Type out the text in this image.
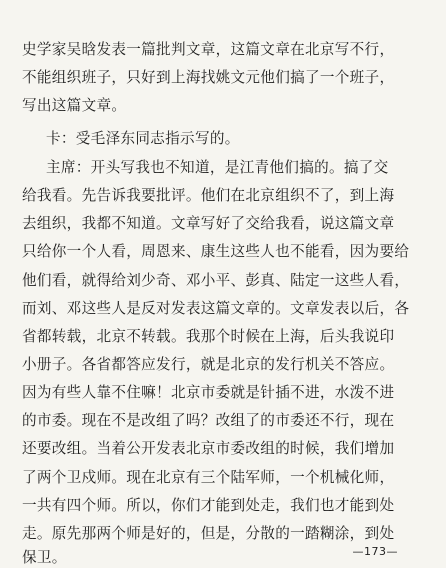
史学家吴晗发表一篇批判文章，这篇文章在北京写不行，
不能组织班子，只好到上海找姚文元他们搞了一个班子，
写出这篇文章。
卡：受毛泽东同志指示写的。
主席：开头写我也不知道，是江青他们搞的。搞了交
给我看。先告诉我要批评。他们在北京组织不了，到上海
去组织，我都不知道。文章写好了交给我看，说这篇文章
只给你一个人看，周恩来、康生这些人也不能看，因为要给
他们看，就得给刘少奇、邓小平、彭真、陆定一这些人看，
而刘、邓这些人是反对发表这篇文章的。文章发表以后，各
省都转载，北京不转载。我那个时候在上海，后头我说印
小册子。各省都答应发行，就是北京的发行机关不答应。
因为有些人靠不住嘛！北京市委就是针插不进，水泼不进
的市委。现在不是改组了吗？改组了的市委还不行，现在
还要改组。当着公开发表北京市委改组的时候，我们增加
了两个卫戍师。现在北京有三个陆军师，一个机械化师，
一共有四个师。所以，你们才能到处走，我们也才能到处
走。原先那两个师是好的，但是，分散的一踏糊涂，到处
保卫。	—173—
